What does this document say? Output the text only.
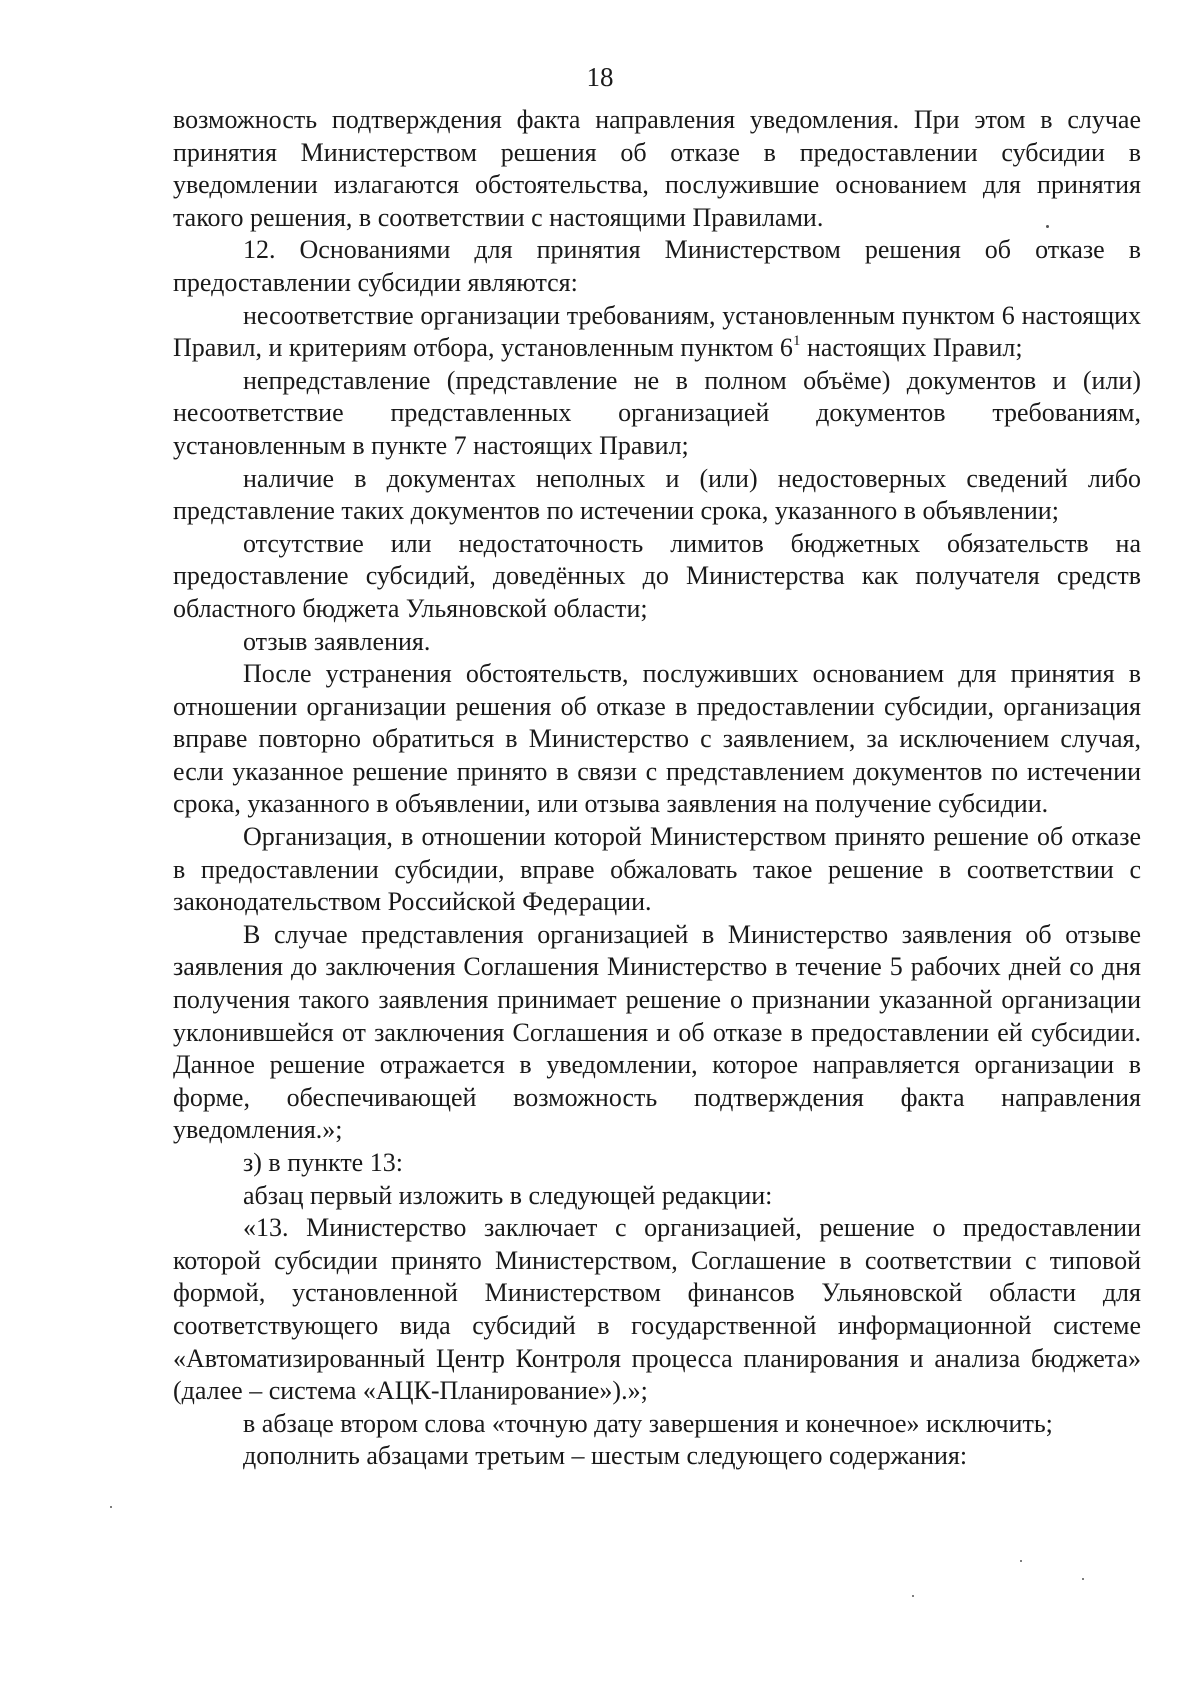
18

возможность подтверждения факта направления уведомления. При этом в случае принятия Министерством решения об отказе в предоставлении субсидии в уведомлении излагаются обстоятельства, послужившие основанием для принятия такого решения, в соответствии с настоящими Правилами.

12. Основаниями для принятия Министерством решения об отказе в предоставлении субсидии являются:

несоответствие организации требованиям, установленным пунктом 6 настоящих Правил, и критериям отбора, установленным пунктом $6^1$ настоящих Правил;

непредставление (представление не в полном объёме) документов и (или) несоответствие представленных организацией документов требованиям, установленным в пункте 7 настоящих Правил;

наличие в документах неполных и (или) недостоверных сведений либо представление таких документов по истечении срока, указанного в объявлении;

отсутствие или недостаточность лимитов бюджетных обязательств на предоставление субсидий, доведённых до Министерства как получателя средств областного бюджета Ульяновской области;

отзыв заявления.

После устранения обстоятельств, послуживших основанием для принятия в отношении организации решения об отказе в предоставлении субсидии, организация вправе повторно обратиться в Министерство с заявлением, за исключением случая, если указанное решение принято в связи с представлением документов по истечении срока, указанного в объявлении, или отзыва заявления на получение субсидии.

Организация, в отношении которой Министерством принято решение об отказе в предоставлении субсидии, вправе обжаловать такое решение в соответствии с законодательством Российской Федерации.

В случае представления организацией в Министерство заявления об отзыве заявления до заключения Соглашения Министерство в течение 5 рабочих дней со дня получения такого заявления принимает решение о признании указанной организации уклонившейся от заключения Соглашения и об отказе в предоставлении ей субсидии. Данное решение отражается в уведомлении, которое направляется организации в форме, обеспечивающей возможность подтверждения факта направления уведомления.»;

з) в пункте 13:

абзац первый изложить в следующей редакции:

«13. Министерство заключает с организацией, решение о предоставлении которой субсидии принято Министерством, Соглашение в соответствии с типовой формой, установленной Министерством финансов Ульяновской области для соответствующего вида субсидий в государственной информационной системе «Автоматизированный Центр Контроля процесса планирования и анализа бюджета» (далее – система «АЦК-Планирование»).»;

в абзаце втором слова «точную дату завершения и конечное» исключить;

дополнить абзацами третьим – шестым следующего содержания:
